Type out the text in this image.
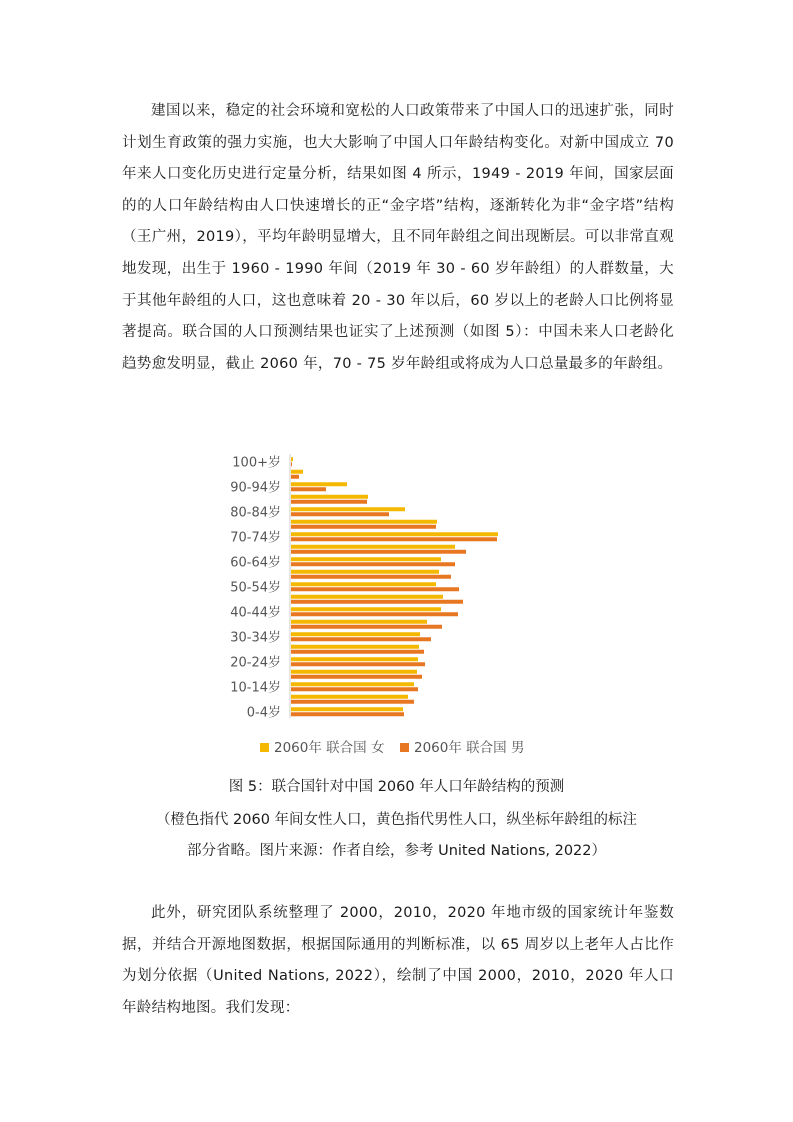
建国以来，稳定的社会环境和宽松的人口政策带来了中国人口的迅速扩张，同时计划生育政策的强力实施，也大大影响了中国人口年龄结构变化。对新中国成立 70 年来人口变化历史进行定量分析，结果如图 4 所示，1949 - 2019 年间，国家层面的的人口年龄结构由人口快速增长的正“金字塔”结构，逐渐转化为非“金字塔”结构（王广州，2019），平均年龄明显增大，且不同年龄组之间出现断层。可以非常直观地发现，出生于 1960 - 1990 年间（2019 年 30 - 60 岁年龄组）的人群数量，大于其他年龄组的人口，这也意味着 20 - 30 年以后，60 岁以上的老龄人口比例将显著提高。联合国的人口预测结果也证实了上述预测（如图 5）：中国未来人口老龄化趋势愈发明显，截止 2060 年，70 - 75 岁年龄组或将成为人口总量最多的年龄组。
0-4岁
10-14岁
20-24岁
30-34岁
40-44岁
50-54岁
60-64岁
70-74岁
80-84岁
90-94岁
100+岁
2060年 联合国 女 2060年 联合国 男
图 5：联合国针对中国 2060 年人口年龄结构的预测
（橙色指代 2060 年间女性人口，黄色指代男性人口，纵坐标年龄组的标注
部分省略。图片来源：作者自绘，参考 United Nations, 2022）
此外，研究团队系统整理了 2000，2010，2020 年地市级的国家统计年鉴数据，并结合开源地图数据，根据国际通用的判断标准，以 65 周岁以上老年人占比作为划分依据（United Nations, 2022），绘制了中国 2000，2010，2020 年人口年龄结构地图。我们发现：
